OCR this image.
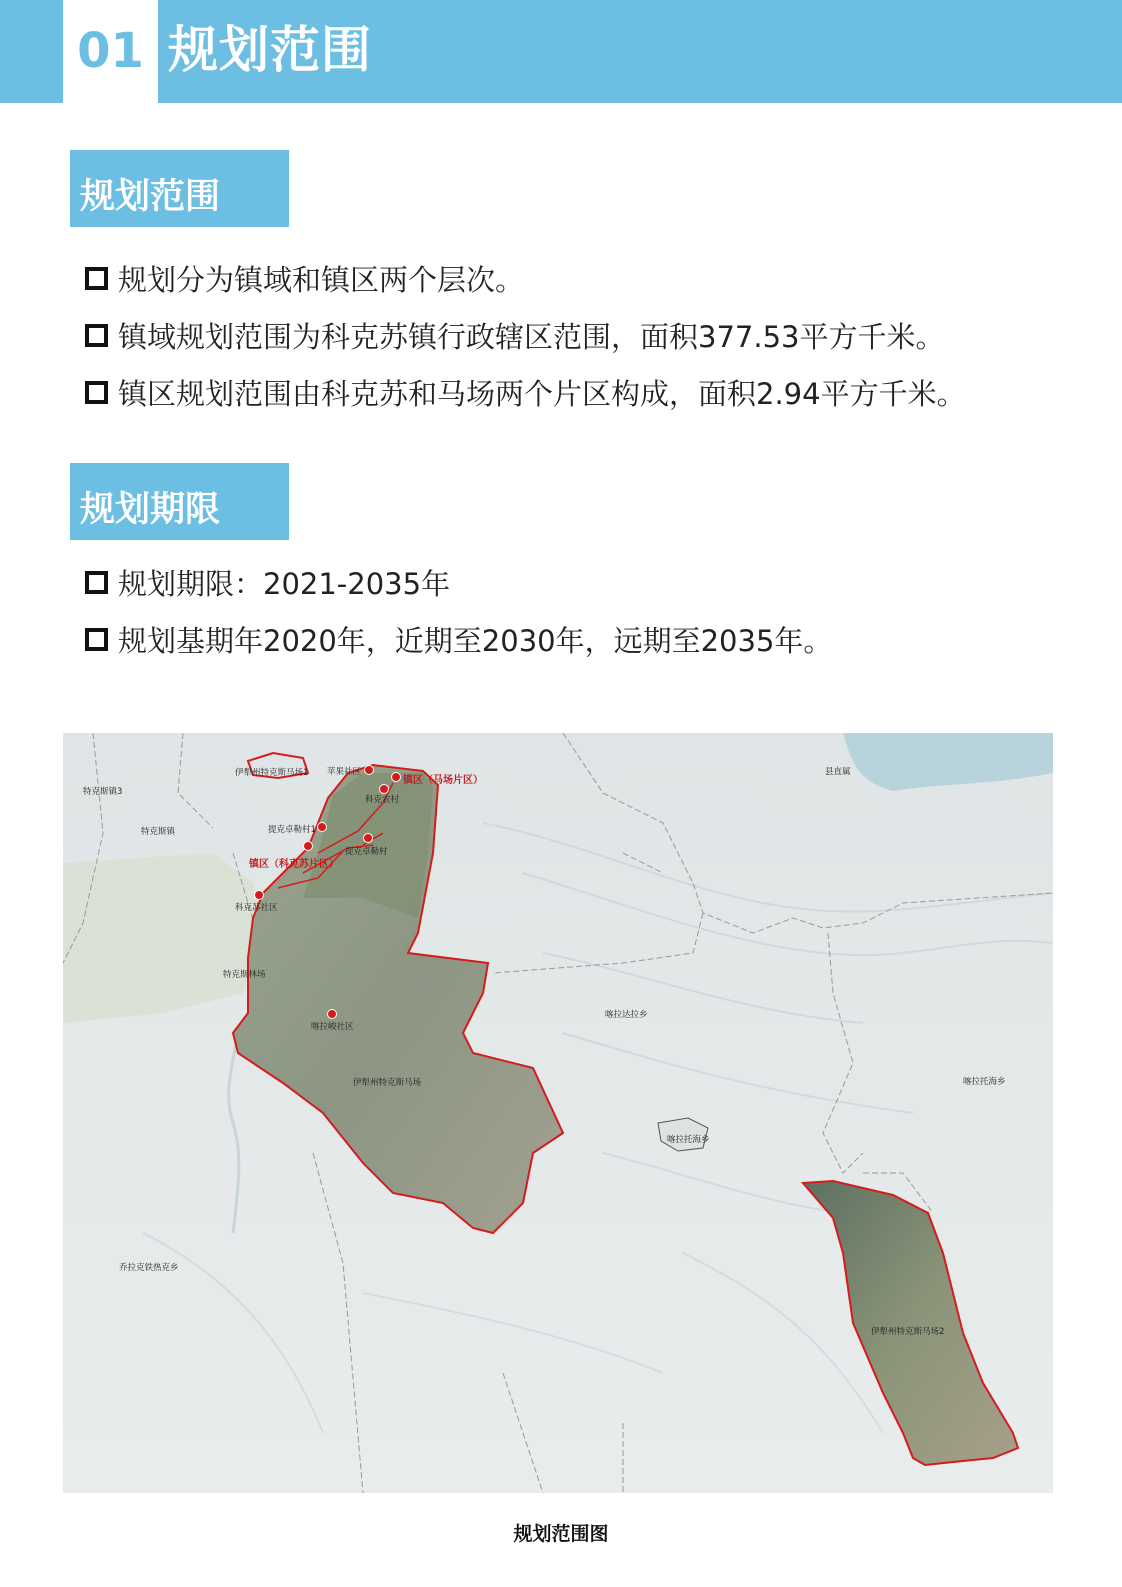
01 规划范围
规划范围
规划分为镇域和镇区两个层次。
镇域规划范围为科克苏镇行政辖区范围，面积377.53平方千米。
镇区规划范围由科克苏和马场两个片区构成，面积2.94平方千米。
规划期限
规划期限：2021-2035年
规划基期年2020年，近期至2030年，远期至2035年。
特克斯镇3
特克斯镇
伊犁州特克斯马场1 苹果社区
镇区（马场片区）
科克农村
提克卓勒村1
提克卓勒村
镇区（科克苏片区）
科克苏社区
特克斯林场
喀拉峻社区
伊犁州特克斯马场
喀拉达拉乡
喀拉托海乡
喀拉托海乡
县直属
乔拉克铁热克乡
伊犁州特克斯马场2
规划范围图
